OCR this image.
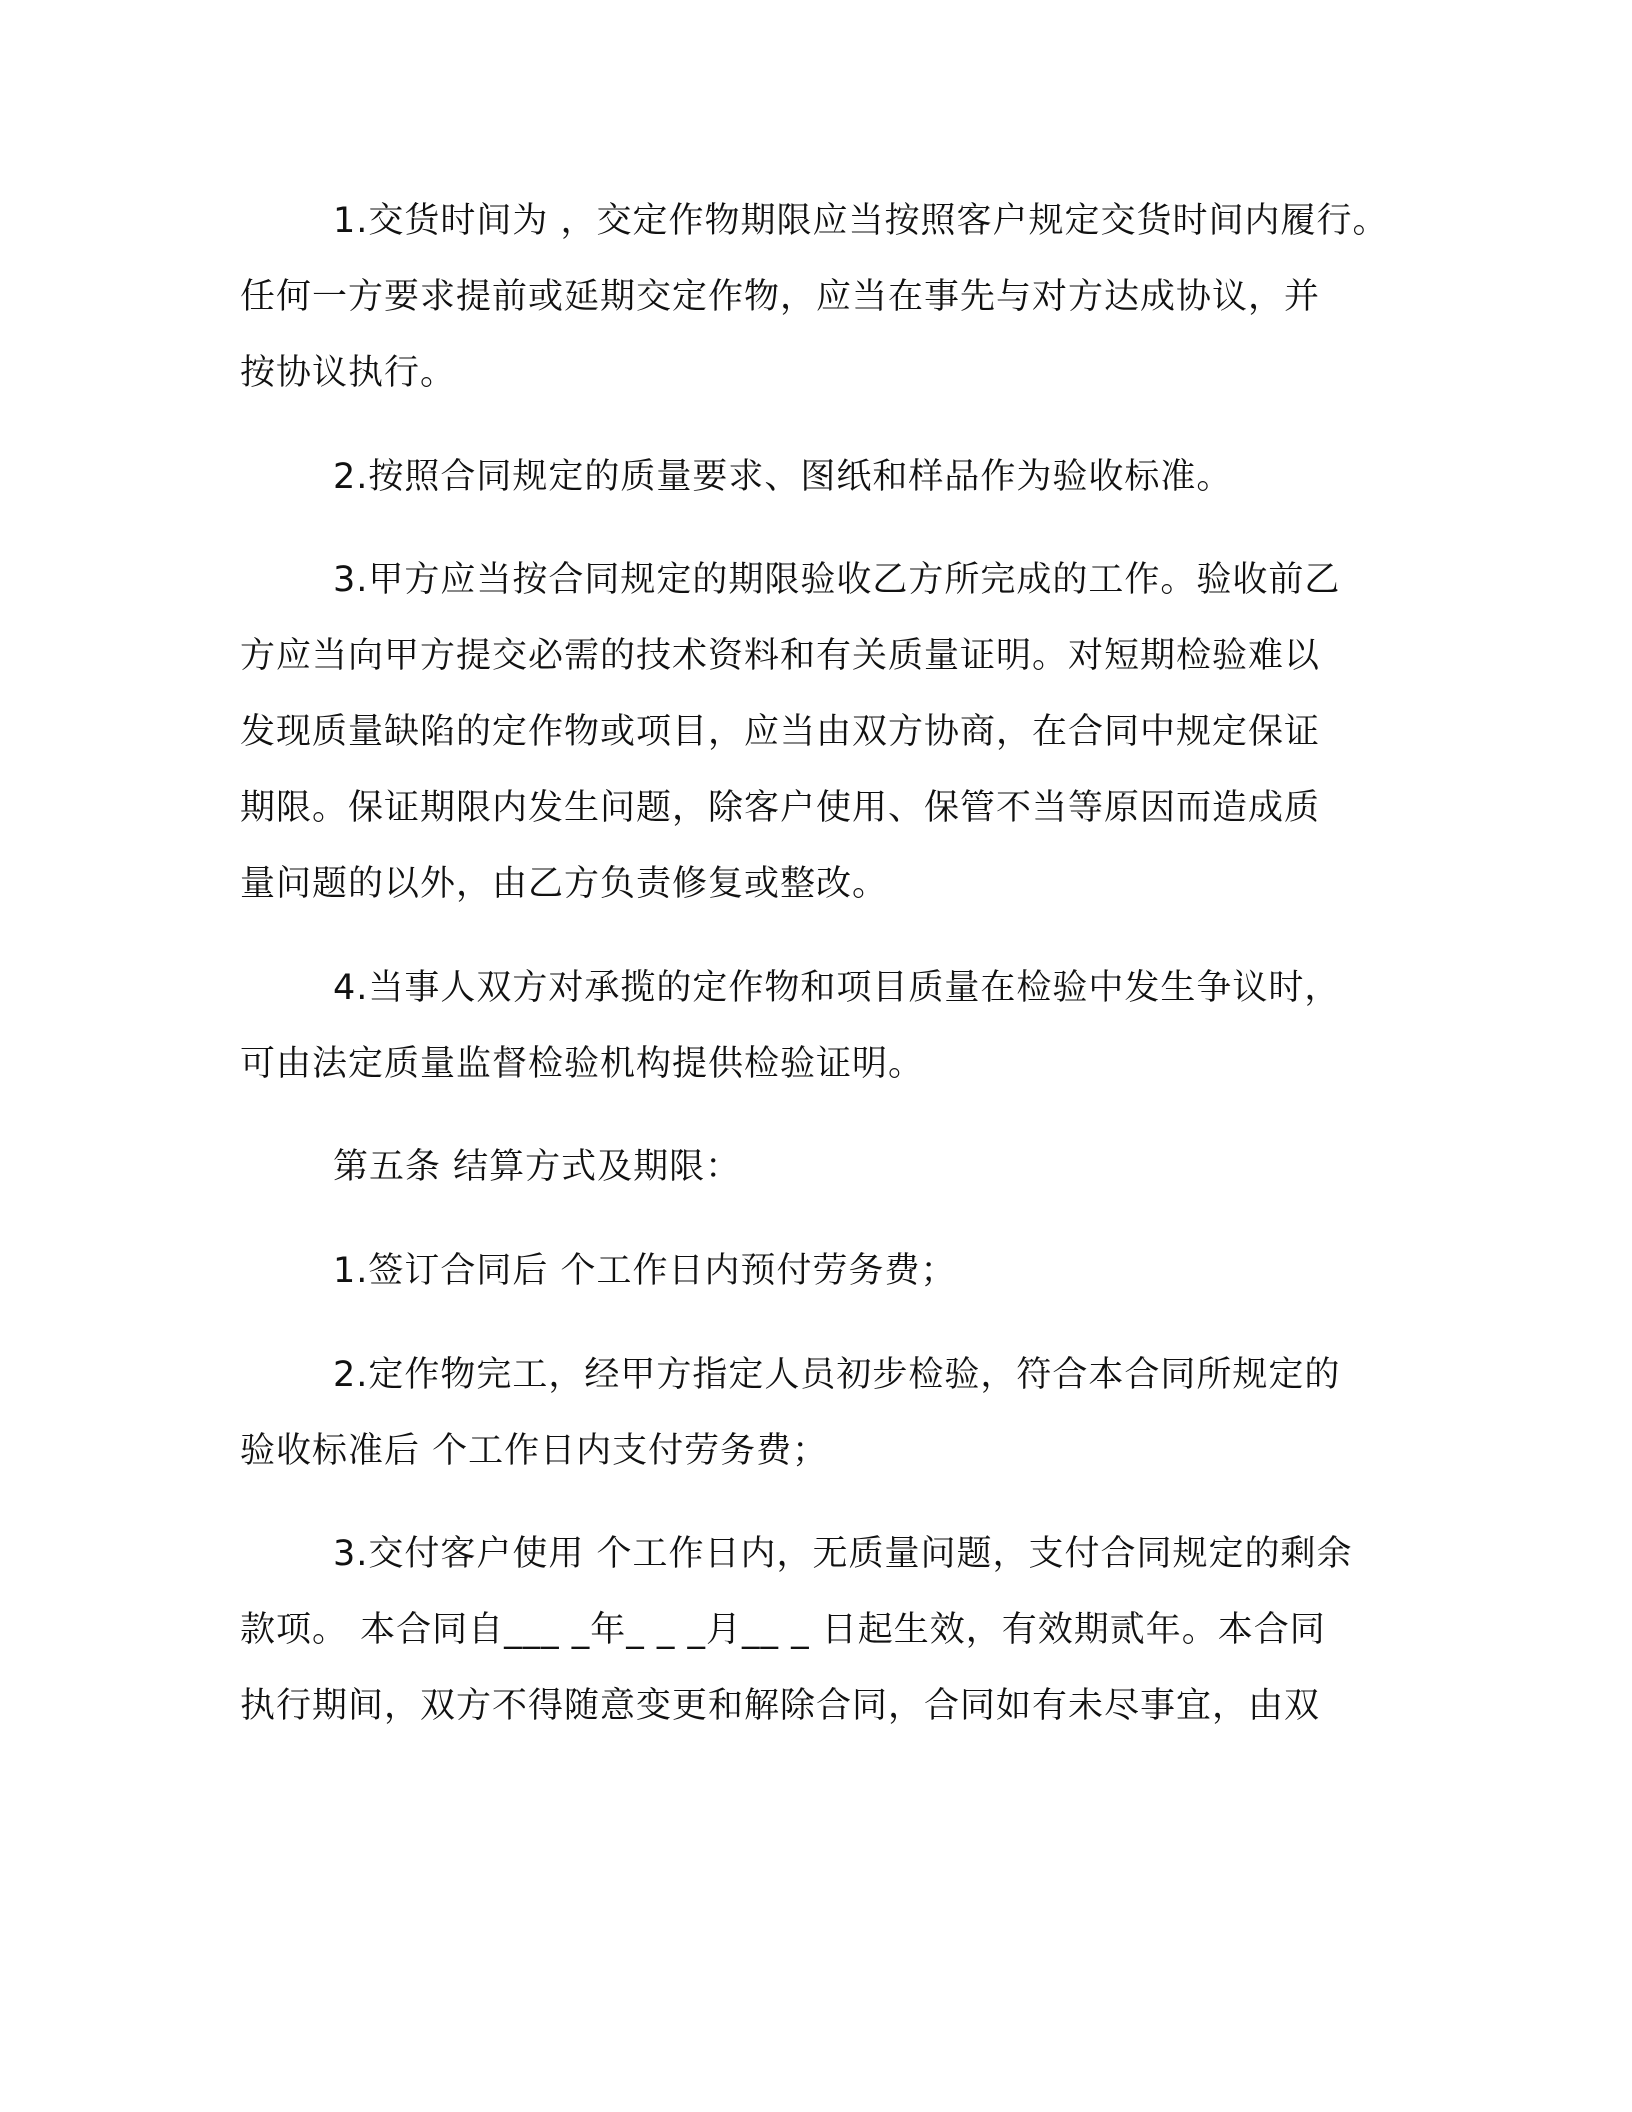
1.交货时间为 ，交定作物期限应当按照客户规定交货时间内履行。
任何一方要求提前或延期交定作物，应当在事先与对方达成协议，并
按协议执行。
2.按照合同规定的质量要求、图纸和样品作为验收标准。
3.甲方应当按合同规定的期限验收乙方所完成的工作。验收前乙
方应当向甲方提交必需的技术资料和有关质量证明。对短期检验难以
发现质量缺陷的定作物或项目，应当由双方协商，在合同中规定保证
期限。保证期限内发生问题，除客户使用、保管不当等原因而造成质
量问题的以外，由乙方负责修复或整改。
4.当事人双方对承揽的定作物和项目质量在检验中发生争议时，
可由法定质量监督检验机构提供检验证明。
第五条 结算方式及期限：
1.签订合同后 个工作日内预付劳务费；
2.定作物完工，经甲方指定人员初步检验，符合本合同所规定的
验收标准后 个工作日内支付劳务费；
3.交付客户使用 个工作日内，无质量问题，支付合同规定的剩余
款项。 本合同自___ _年_ _ _月__ _ 日起生效，有效期贰年。本合同
执行期间，双方不得随意变更和解除合同，合同如有未尽事宜，由双
